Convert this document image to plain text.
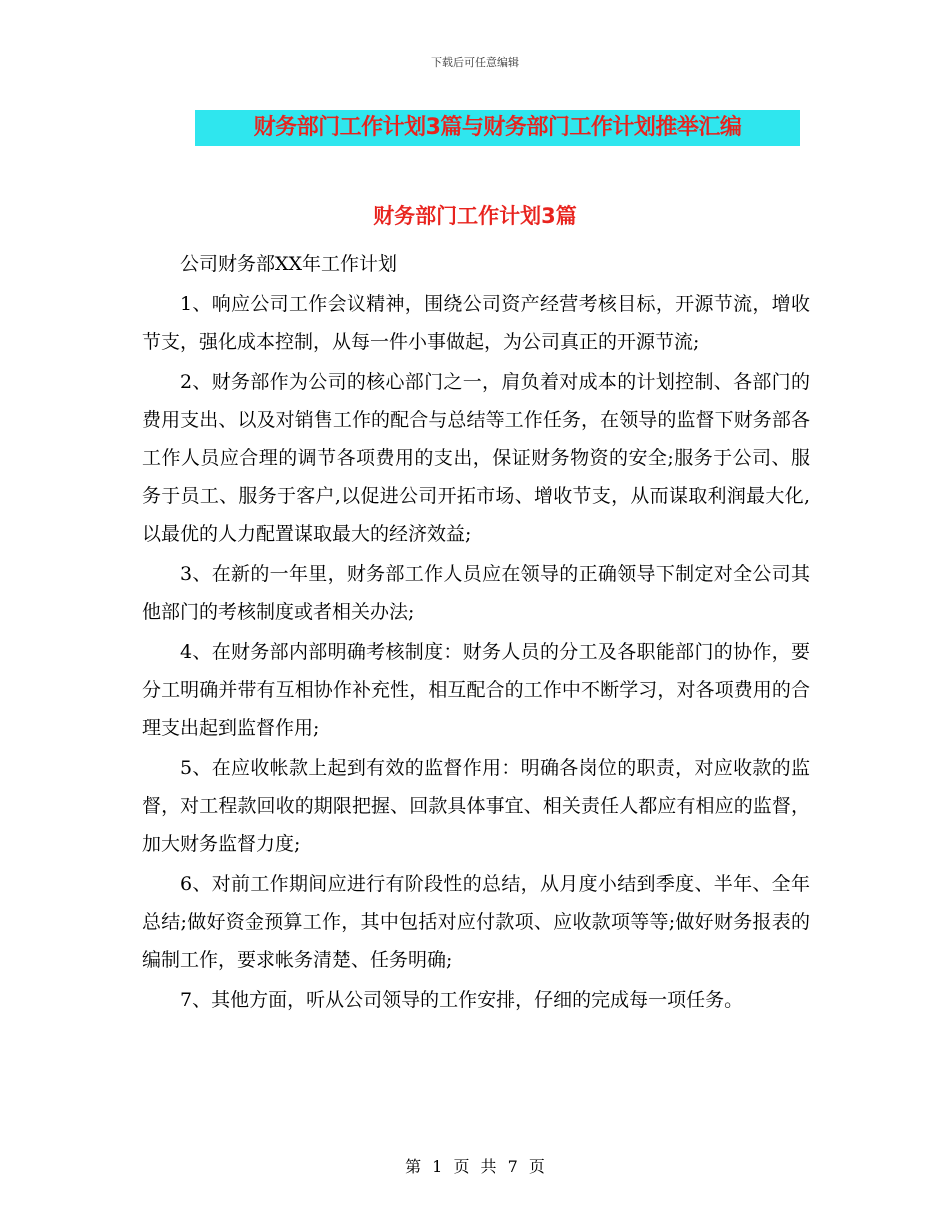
下载后可任意编辑
财务部门工作计划3篇与财务部门工作计划推举汇编
财务部门工作计划3篇

公司财务部XX年工作计划

1、响应公司工作会议精神，围绕公司资产经营考核目标，开源节流，增收节支，强化成本控制，从每一件小事做起，为公司真正的开源节流;

2、财务部作为公司的核心部门之一，肩负着对成本的计划控制、各部门的费用支出、以及对销售工作的配合与总结等工作任务，在领导的监督下财务部各工作人员应合理的调节各项费用的支出，保证财务物资的安全;服务于公司、服务于员工、服务于客户,以促进公司开拓市场、增收节支，从而谋取利润最大化,以最优的人力配置谋取最大的经济效益;

3、在新的一年里，财务部工作人员应在领导的正确领导下制定对全公司其他部门的考核制度或者相关办法;

4、在财务部内部明确考核制度：财务人员的分工及各职能部门的协作，要分工明确并带有互相协作补充性，相互配合的工作中不断学习，对各项费用的合理支出起到监督作用;

5、在应收帐款上起到有效的监督作用：明确各岗位的职责，对应收款的监督，对工程款回收的期限把握、回款具体事宜、相关责任人都应有相应的监督，加大财务监督力度;

6、对前工作期间应进行有阶段性的总结，从月度小结到季度、半年、全年总结;做好资金预算工作，其中包括对应付款项、应收款项等等;做好财务报表的编制工作，要求帐务清楚、任务明确;

7、其他方面，听从公司领导的工作安排，仔细的完成每一项任务。

第 1 页 共 7 页
